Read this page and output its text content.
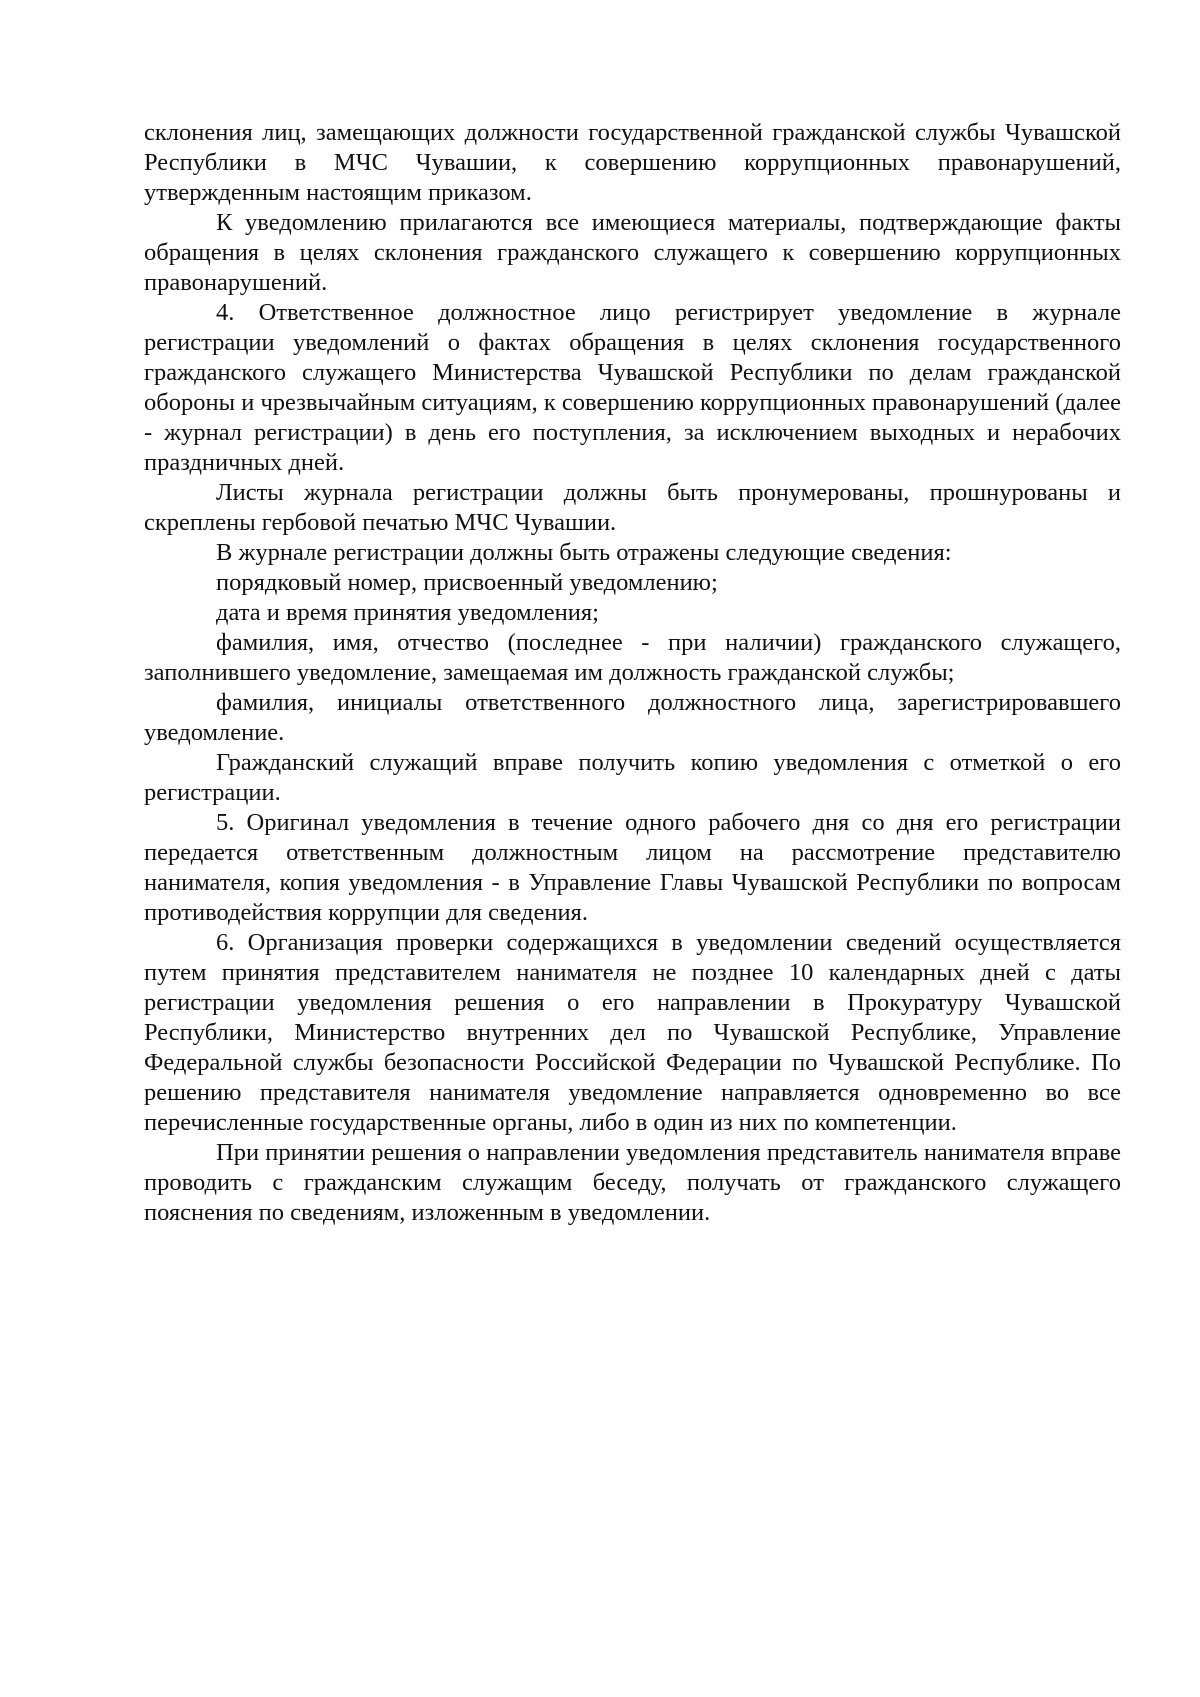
склонения лиц, замещающих должности государственной гражданской службы Чувашской Республики в МЧС Чувашии, к совершению коррупционных правонарушений, утвержденным настоящим приказом.

К уведомлению прилагаются все имеющиеся материалы, подтверждающие факты обращения в целях склонения гражданского служащего к совершению коррупционных правонарушений.

4. Ответственное должностное лицо регистрирует уведомление в журнале регистрации уведомлений о фактах обращения в целях склонения государственного гражданского служащего Министерства Чувашской Республики по делам гражданской обороны и чрезвычайным ситуациям, к совершению коррупционных правонарушений (далее - журнал регистрации) в день его поступления, за исключением выходных и нерабочих праздничных дней.

Листы журнала регистрации должны быть пронумерованы, прошнурованы и скреплены гербовой печатью МЧС Чувашии.

В журнале регистрации должны быть отражены следующие сведения:

порядковый номер, присвоенный уведомлению;

дата и время принятия уведомления;

фамилия, имя, отчество (последнее - при наличии) гражданского служащего, заполнившего уведомление, замещаемая им должность гражданской службы;

фамилия, инициалы ответственного должностного лица, зарегистрировавшего уведомление.

Гражданский служащий вправе получить копию уведомления с отметкой о его регистрации.

5. Оригинал уведомления в течение одного рабочего дня со дня его регистрации передается ответственным должностным лицом на рассмотрение представителю нанимателя, копия уведомления - в Управление Главы Чувашской Республики по вопросам противодействия коррупции для сведения.

6. Организация проверки содержащихся в уведомлении сведений осуществляется путем принятия представителем нанимателя не позднее 10 календарных дней с даты регистрации уведомления решения о его направлении в Прокуратуру Чувашской Республики, Министерство внутренних дел по Чувашской Республике, Управление Федеральной службы безопасности Российской Федерации по Чувашской Республике. По решению представителя нанимателя уведомление направляется одновременно во все перечисленные государственные органы, либо в один из них по компетенции.

При принятии решения о направлении уведомления представитель нанимателя вправе проводить с гражданским служащим беседу, получать от гражданского служащего пояснения по сведениям, изложенным в уведомлении.
